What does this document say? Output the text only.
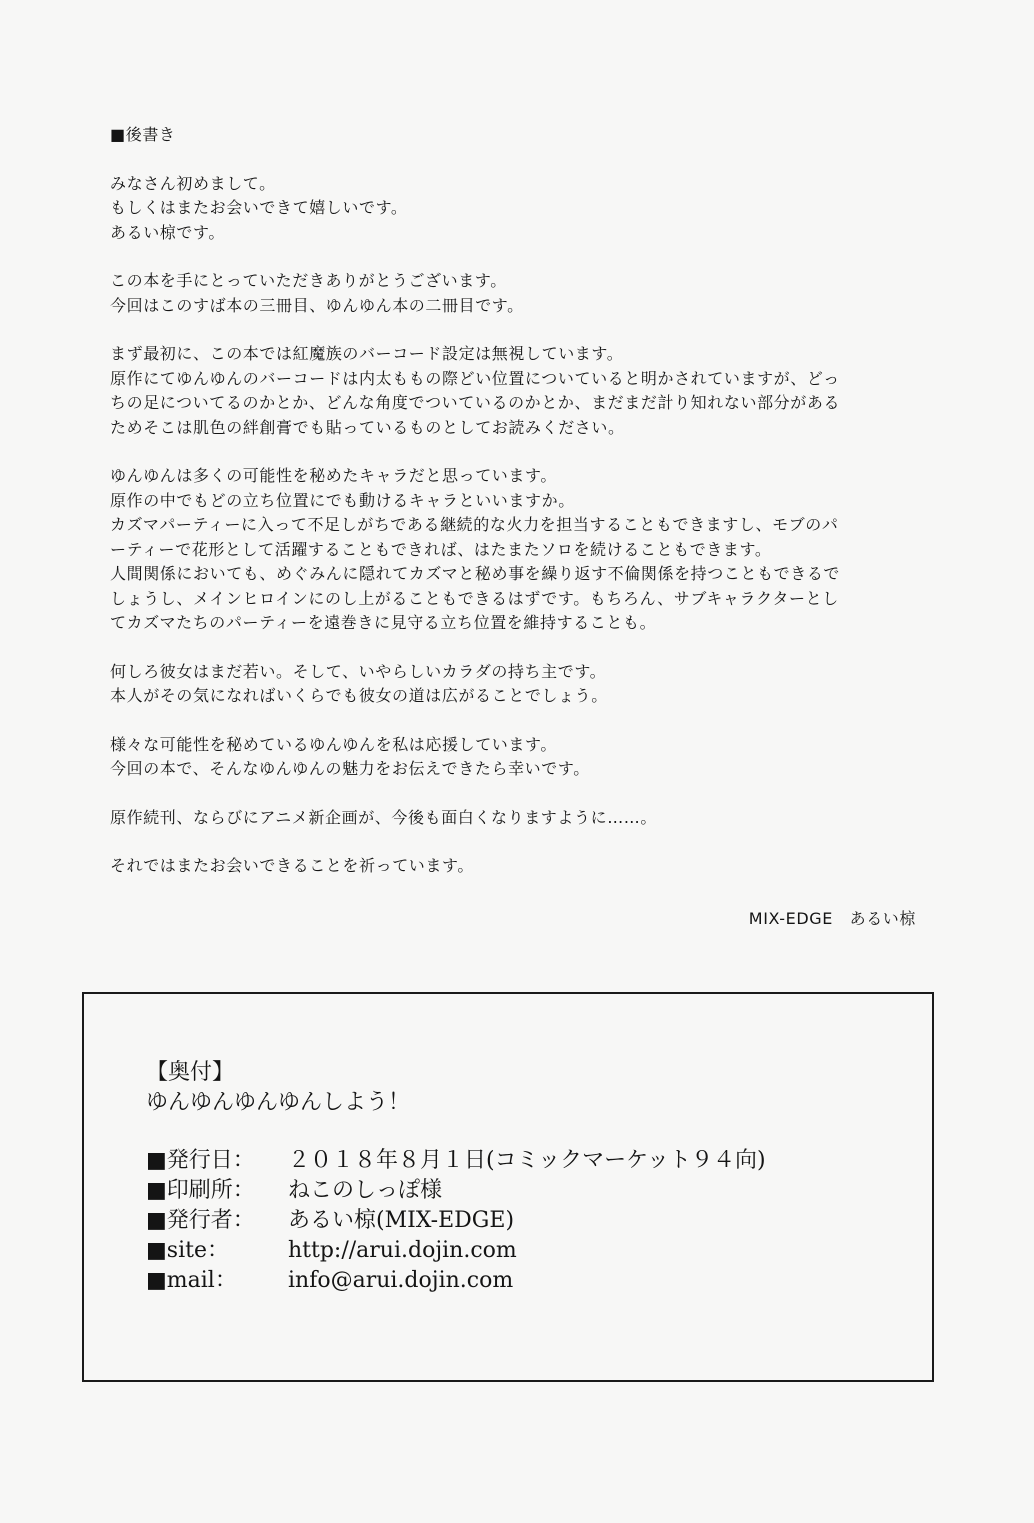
■後書き
みなさん初めまして。
もしくはまたお会いできて嬉しいです。
あるい椋です。
この本を手にとっていただきありがとうございます。
今回はこのすば本の三冊目、ゆんゆん本の二冊目です。
まず最初に、この本では紅魔族のバーコード設定は無視しています。
原作にてゆんゆんのバーコードは内太ももの際どい位置についていると明かされていますが、どっ
ちの足についてるのかとか、どんな角度でついているのかとか、まだまだ計り知れない部分がある
ためそこは肌色の絆創膏でも貼っているものとしてお読みください。
ゆんゆんは多くの可能性を秘めたキャラだと思っています。
原作の中でもどの立ち位置にでも動けるキャラといいますか。
カズマパーティーに入って不足しがちである継続的な火力を担当することもできますし、モブのパ
ーティーで花形として活躍することもできれば、はたまたソロを続けることもできます。
人間関係においても、めぐみんに隠れてカズマと秘め事を繰り返す不倫関係を持つこともできるで
しょうし、メインヒロインにのし上がることもできるはずです。もちろん、サブキャラクターとし
てカズマたちのパーティーを遠巻きに見守る立ち位置を維持することも。
何しろ彼女はまだ若い。そして、いやらしいカラダの持ち主です。
本人がその気になればいくらでも彼女の道は広がることでしょう。
様々な可能性を秘めているゆんゆんを私は応援しています。
今回の本で、そんなゆんゆんの魅力をお伝えできたら幸いです。
原作続刊、ならびにアニメ新企画が、今後も面白くなりますように……。
それではまたお会いできることを祈っています。
MIX-EDGE　あるい椋
【奥付】
ゆんゆんゆんゆんしよう！
■発行日：	２０１８年８月１日(コミックマーケット９４向)
■印刷所：	ねこのしっぽ様
■発行者：	あるい椋(MIX-EDGE)
■site：	http://arui.dojin.com
■mail：	info@arui.dojin.com
